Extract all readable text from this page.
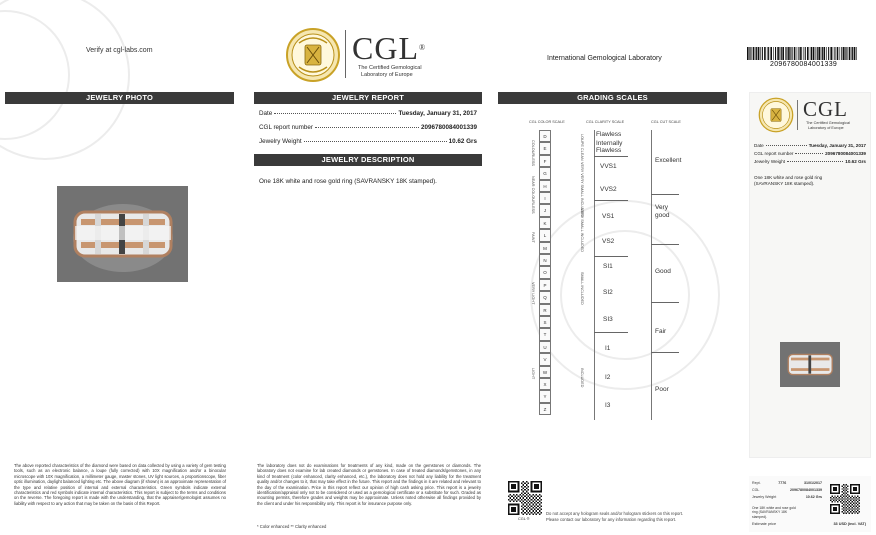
Verify at cgl-labs.com	CGL®
The Certified Gemological
Laboratory of Europe
International Gemological Laboratory
2096780084001339
JEWELRY PHOTO	JEWELRY REPORT
Date	Tuesday, January 31, 2017
CGL report number	2096780084001339
Jewelry Weight	10.62 Grs
JEWELRY DESCRIPTION
One 18K white and rose gold ring (SAVRANSKY 18K stamped).
GRADING SCALES
CGL COLOR SCALE	CGL CLARITY SCALE	CGL CUT SCALE
D
E
F
G
H
I
J
K
L
M
N
O
P
Q
R
S
T
U
V
W
X
Y
Z
COLOURLESS
NEAR COLOURLESS
FAINT
VERY LIGHT
LIGHT
LOUPE CLEAN
VERY VERY SMALL INCLUDED
VERY SMALL INCLUDED
SMALL INCLUDED
INCLUDED
Flawless
Internally Flawless
VVS1
VVS2
VS1
VS2
SI1
SI2
SI3
I1
I2
I3
Excellent
Very good
Good
Fair
Poor
CGL
The Certified Gemological
Laboratory of Europe
Date	Tuesday, January 31, 2017
CGL report number	2096780084001339
Jewelry Weight	10.62 Grs
One 18K white and rose gold ring (SAVRANSKY 18K stamped).
The above reported characteristics of the diamond were based on data collected by using a variety of gem testing tools, such as an electronic balance, a loupe (fully corrected) with 10X magnification and/or a binocular microscope with 10X magnification, a millimeter gauge, master stones, UV light sources, a proportionscope, fiber optic illumination, daylight balanced lighting etc. The above diagram (if shown) is an approximate representation of the type and relative position of internal and external characteristics. Green symbols indicate external characteristics and red symbols indicate internal characteristics. This report is subject to the terms and conditions on the reverse. The foregoing report is made with the understanding, that the appraiser/gemologist assumes no liability with respect to any action that may be taken on the basis of this Report.
The laboratory does not do examinations for treatments of any kind, made on the gemstones or diamonds. The laboratory does not examine for lab created diamonds or gemstones. In case of treated diamonds/gemstones, in any kind of treatment (color enhanced, clarity enhanced, etc.), the laboratory does not hold any liability for the treatment quality and/or changes to it, that may take effect in the future. This report and the findings in it are related and relevant to the day of the examination. Price in this report reflect our opinion of high cash asking price. This report is a jewelry identification/appraisal only not to be considered or used as a gemological certificate or a substitute for such. Graded as mounting permits, therefore grades and weights may be approximate. Unless noted otherwise all findings provided by the client and under his responsibility only. This report is for insurance purpose only.
* Color enhanced ** Clarity enhanced
CGL ®
Do not accept any hologram seals and/or hologram stickers on this report.
Please contact our laboratory for any information regarding this report.
Rept.	7776	31/01/2017
CGL	2096780084001339
Jewelry Weight	10.62 Grs
One 18K white and rose gold ring (SAVRANSKY 18K stamped).
Estimate price	33 USD (incl. VAT)
